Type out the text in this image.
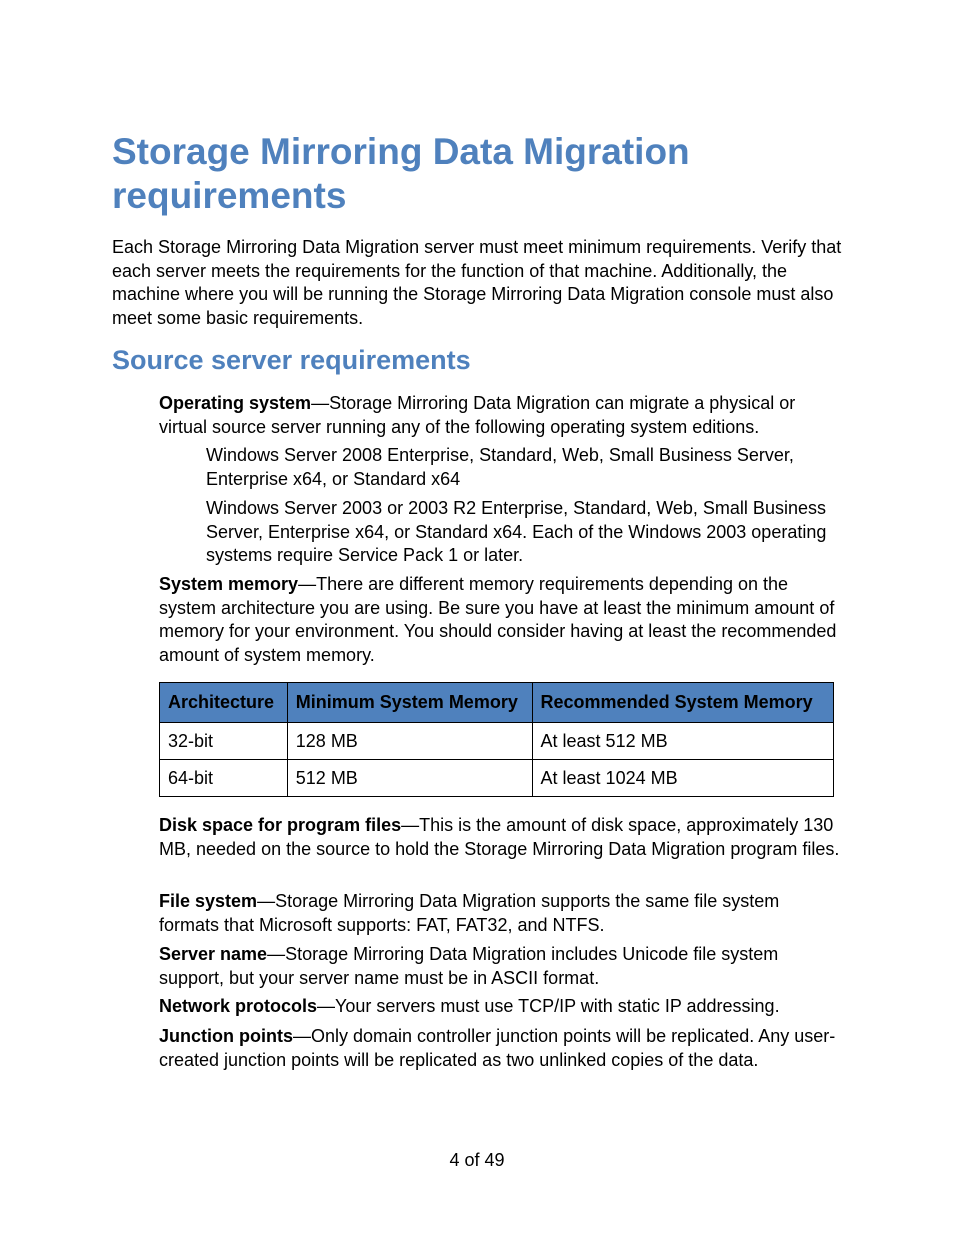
Storage Mirroring Data Migration requirements

Each Storage Mirroring Data Migration server must meet minimum requirements. Verify that each server meets the requirements for the function of that machine. Additionally, the machine where you will be running the Storage Mirroring Data Migration console must also meet some basic requirements.

Source server requirements

Operating system—Storage Mirroring Data Migration can migrate a physical or virtual source server running any of the following operating system editions.

Windows Server 2008 Enterprise, Standard, Web, Small Business Server, Enterprise x64, or Standard x64

Windows Server 2003 or 2003 R2 Enterprise, Standard, Web, Small Business Server, Enterprise x64, or Standard x64. Each of the Windows 2003 operating systems require Service Pack 1 or later.

System memory—There are different memory requirements depending on the system architecture you are using. Be sure you have at least the minimum amount of memory for your environment. You should consider having at least the recommended amount of system memory.

Architecture	Minimum System Memory	Recommended System Memory
32-bit	128 MB	At least 512 MB
64-bit	512 MB	At least 1024 MB

Disk space for program files—This is the amount of disk space, approximately 130 MB, needed on the source to hold the Storage Mirroring Data Migration program files.

File system—Storage Mirroring Data Migration supports the same file system formats that Microsoft supports: FAT, FAT32, and NTFS.

Server name—Storage Mirroring Data Migration includes Unicode file system support, but your server name must be in ASCII format.

Network protocols—Your servers must use TCP/IP with static IP addressing.

Junction points—Only domain controller junction points will be replicated. Any user-created junction points will be replicated as two unlinked copies of the data.

4 of 49
